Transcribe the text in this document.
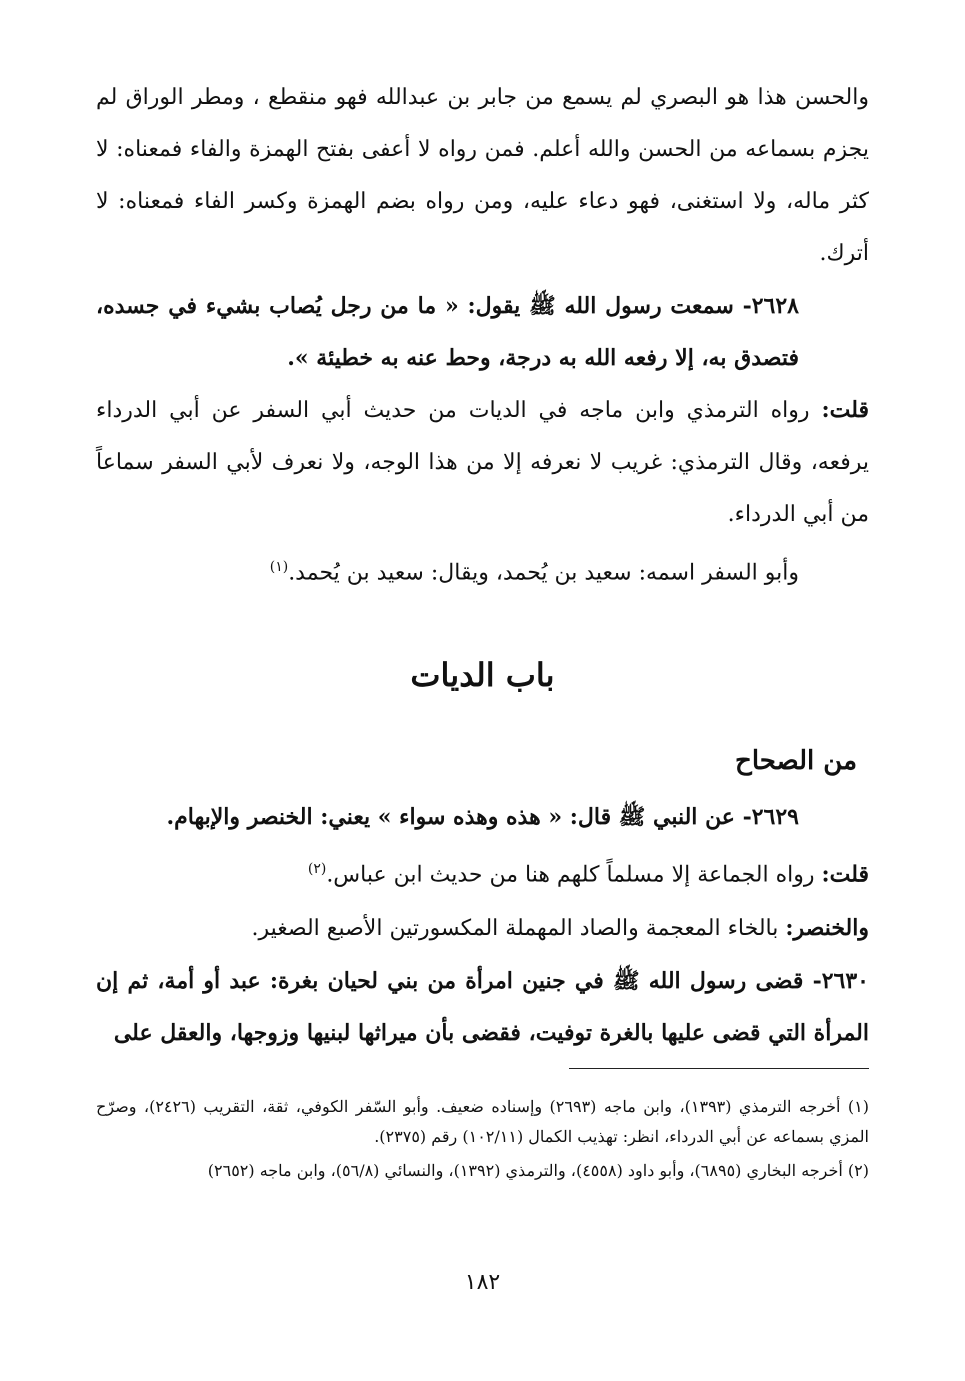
والحسن هذا هو البصري لم يسمع من جابر بن عبدالله فهو منقطع ، ومطر الوراق لم يجزم بسماعه من الحسن والله أعلم. فمن رواه لا أعفى بفتح الهمزة والفاء فمعناه: لا كثر ماله، ولا استغنى، فهو دعاء عليه، ومن رواه بضم الهمزة وكسر الفاء فمعناه: لا أترك.

٢٦٢٨- سمعت رسول الله ﷺ يقول: « ما من رجل يُصاب بشيء في جسده، فتصدق به، إلا رفعه الله به درجة، وحط عنه به خطيئة ».

قلت: رواه الترمذي وابن ماجه في الديات من حديث أبي السفر عن أبي الدرداء يرفعه، وقال الترمذي: غريب لا نعرفه إلا من هذا الوجه، ولا نعرف لأبي السفر سماعاً من أبي الدرداء.

وأبو السفر اسمه: سعيد بن يُحمد، ويقال: سعيد بن يُحمد.$^{(١)}$

باب الديات
من الصحاح

٢٦٢٩- عن النبي ﷺ قال: « هذه وهذه سواء » يعني: الخنصر والإبهام.

قلت: رواه الجماعة إلا مسلماً كلهم هنا من حديث ابن عباس.$^{(٢)}$

والخنصر: بالخاء المعجمة والصاد المهملة المكسورتين الأصبع الصغير.

٢٦٣٠- قضى رسول الله ﷺ في جنين امرأة من بني لحيان بغرة: عبد أو أمة، ثم إن المرأة التي قضى عليها بالغرة توفيت، فقضى بأن ميراثها لبنيها وزوجها، والعقل على

(١) أخرجه الترمذي (١٣٩٣)، وابن ماجه (٢٦٩٣) وإسناده ضعيف. وأبو السّفر الكوفي، ثقة، التقريب (٢٤٢٦)، وصرّح المزي بسماعه عن أبي الدرداء، انظر: تهذيب الكمال (١٠٢/١١) رقم (٢٣٧٥).

(٢) أخرجه البخاري (٦٨٩٥)، وأبو داود (٤٥٥٨)، والترمذي (١٣٩٢)، والنسائي (٥٦/٨)، وابن ماجه (٢٦٥٢)

١٨٢
